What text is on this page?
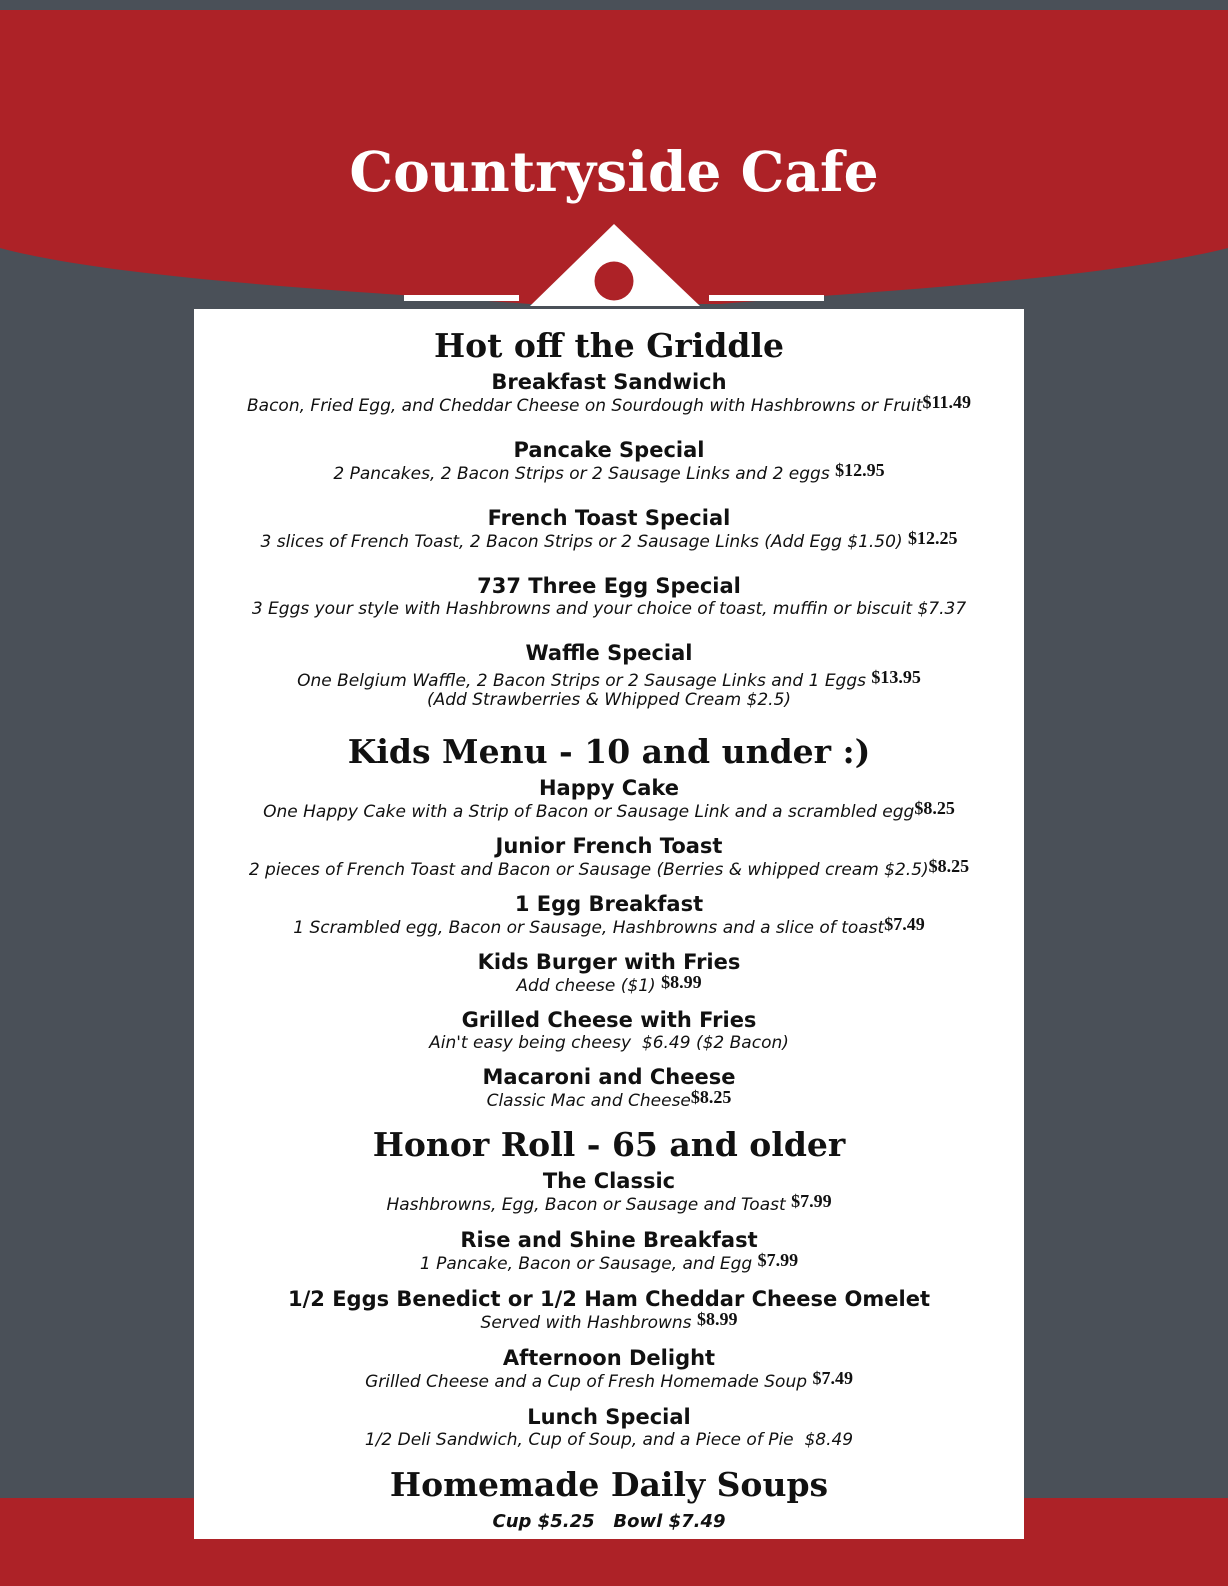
Countryside Cafe
Hot off the Griddle
Breakfast Sandwich
Bacon, Fried Egg, and Cheddar Cheese on Sourdough with Hashbrowns or Fruit$11.49
Pancake Special
2 Pancakes, 2 Bacon Strips or 2 Sausage Links and 2 eggs $12.95
French Toast Special
3 slices of French Toast, 2 Bacon Strips or 2 Sausage Links (Add Egg $1.50) $12.25
737 Three Egg Special
3 Eggs your style with Hashbrowns and your choice of toast, muffin or biscuit $7.37
Waffle Special
One Belgium Waffle, 2 Bacon Strips or 2 Sausage Links and 1 Eggs $13.95
(Add Strawberries & Whipped Cream $2.5)
Kids Menu - 10 and under :)
Happy Cake
One Happy Cake with a Strip of Bacon or Sausage Link and a scrambled egg$8.25
Junior French Toast
2 pieces of French Toast and Bacon or Sausage (Berries & whipped cream $2.5)$8.25
1 Egg Breakfast
1 Scrambled egg, Bacon or Sausage, Hashbrowns and a slice of toast$7.49
Kids Burger with Fries
Add cheese ($1) $8.99
Grilled Cheese with Fries
Ain't easy being cheesy  $6.49 ($2 Bacon)
Macaroni and Cheese
Classic Mac and Cheese$8.25
Honor Roll - 65 and older
The Classic
Hashbrowns, Egg, Bacon or Sausage and Toast $7.99
Rise and Shine Breakfast
1 Pancake, Bacon or Sausage, and Egg $7.99
1/2 Eggs Benedict or 1/2 Ham Cheddar Cheese Omelet
Served with Hashbrowns $8.99
Afternoon Delight
Grilled Cheese and a Cup of Fresh Homemade Soup $7.49
Lunch Special
1/2 Deli Sandwich, Cup of Soup, and a Piece of Pie  $8.49
Homemade Daily Soups
Cup $5.25   Bowl $7.49
